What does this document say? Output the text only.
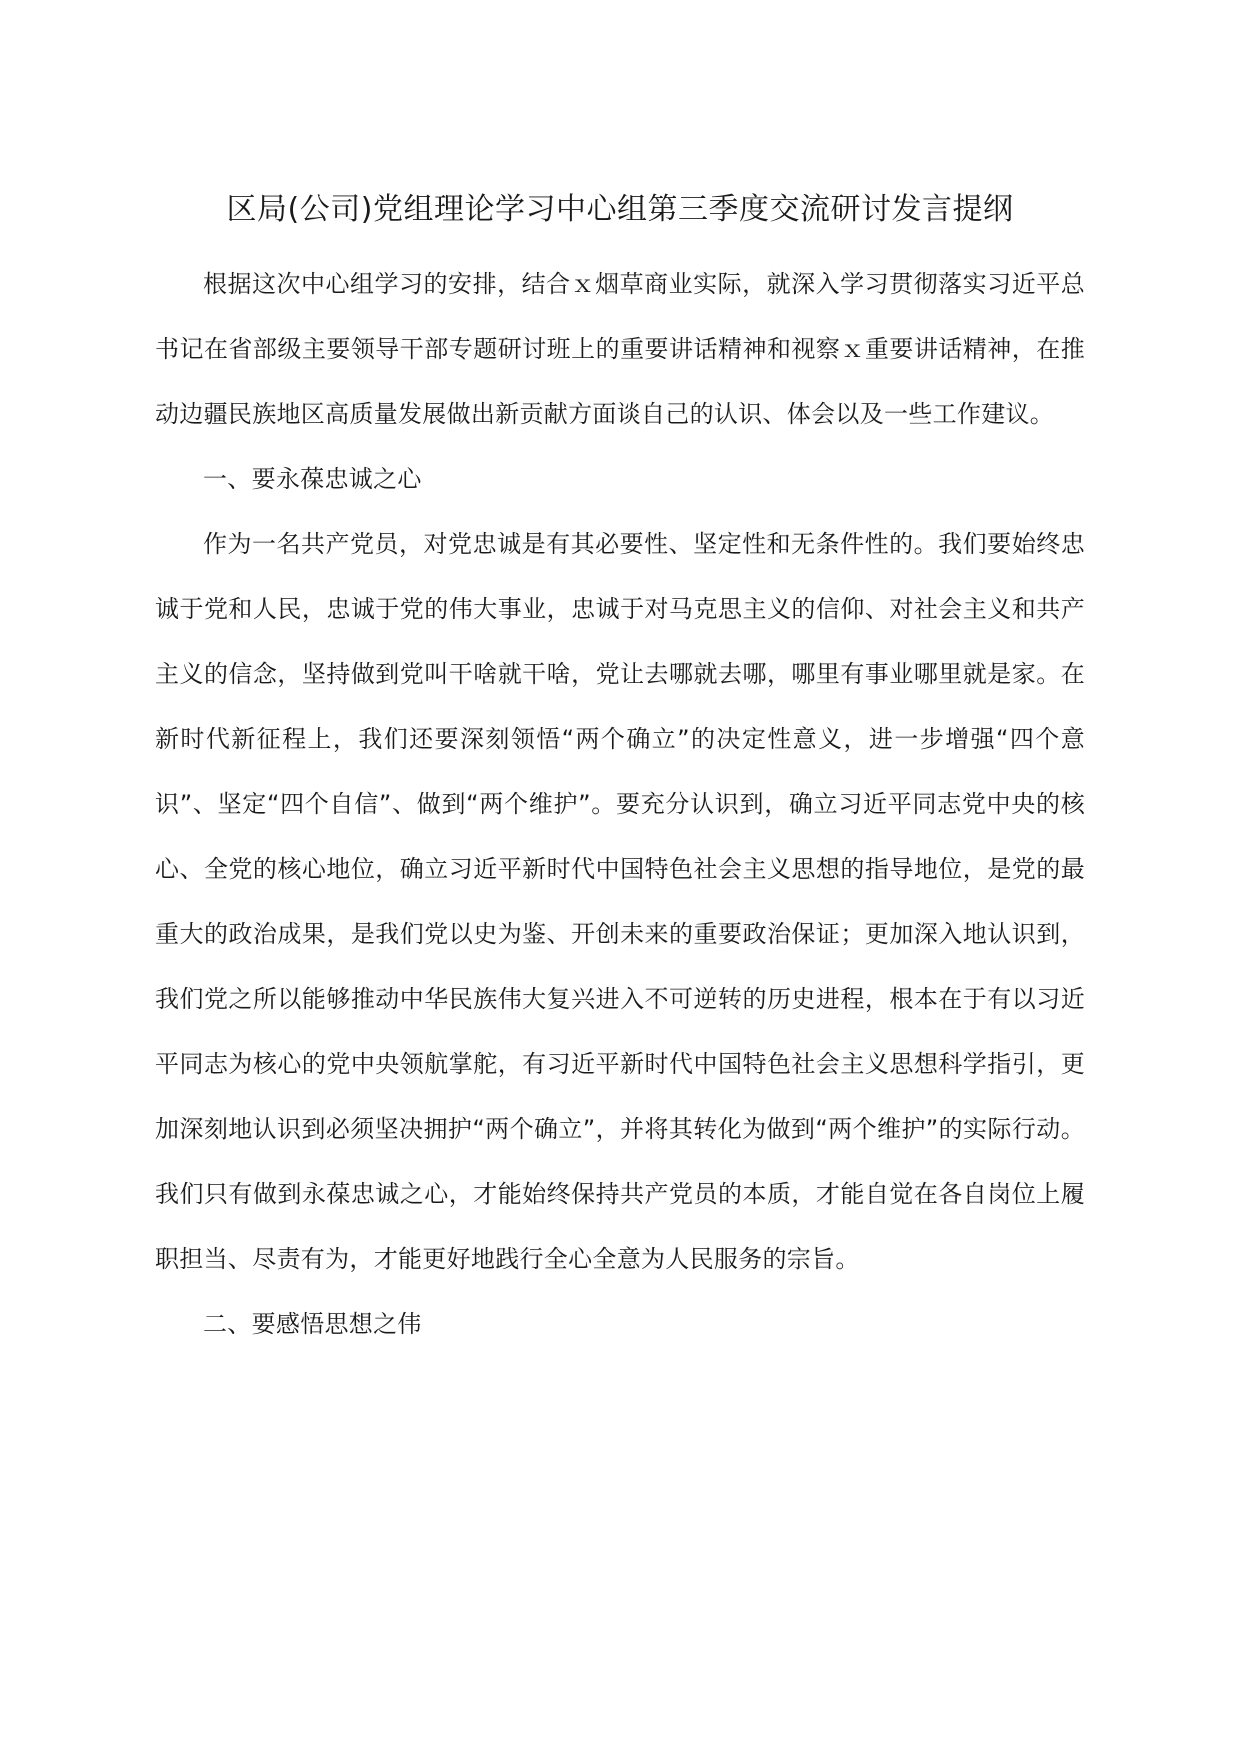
区局(公司)党组理论学习中心组第三季度交流研讨发言提纲

根据这次中心组学习的安排，结合ｘ烟草商业实际，就深入学习贯彻落实习近平总书记在省部级主要领导干部专题研讨班上的重要讲话精神和视察ｘ重要讲话精神，在推动边疆民族地区高质量发展做出新贡献方面谈自己的认识、体会以及一些工作建议。

一、要永葆忠诚之心

作为一名共产党员，对党忠诚是有其必要性、坚定性和无条件性的。我们要始终忠诚于党和人民，忠诚于党的伟大事业，忠诚于对马克思主义的信仰、对社会主义和共产主义的信念，坚持做到党叫干啥就干啥，党让去哪就去哪，哪里有事业哪里就是家。在新时代新征程上，我们还要深刻领悟“两个确立”的决定性意义，进一步增强“四个意识”、坚定“四个自信”、做到“两个维护”。要充分认识到，确立习近平同志党中央的核心、全党的核心地位，确立习近平新时代中国特色社会主义思想的指导地位，是党的最重大的政治成果，是我们党以史为鉴、开创未来的重要政治保证；更加深入地认识到，我们党之所以能够推动中华民族伟大复兴进入不可逆转的历史进程，根本在于有以习近平同志为核心的党中央领航掌舵，有习近平新时代中国特色社会主义思想科学指引，更加深刻地认识到必须坚决拥护“两个确立”，并将其转化为做到“两个维护”的实际行动。我们只有做到永葆忠诚之心，才能始终保持共产党员的本质，才能自觉在各自岗位上履职担当、尽责有为，才能更好地践行全心全意为人民服务的宗旨。

二、要感悟思想之伟
